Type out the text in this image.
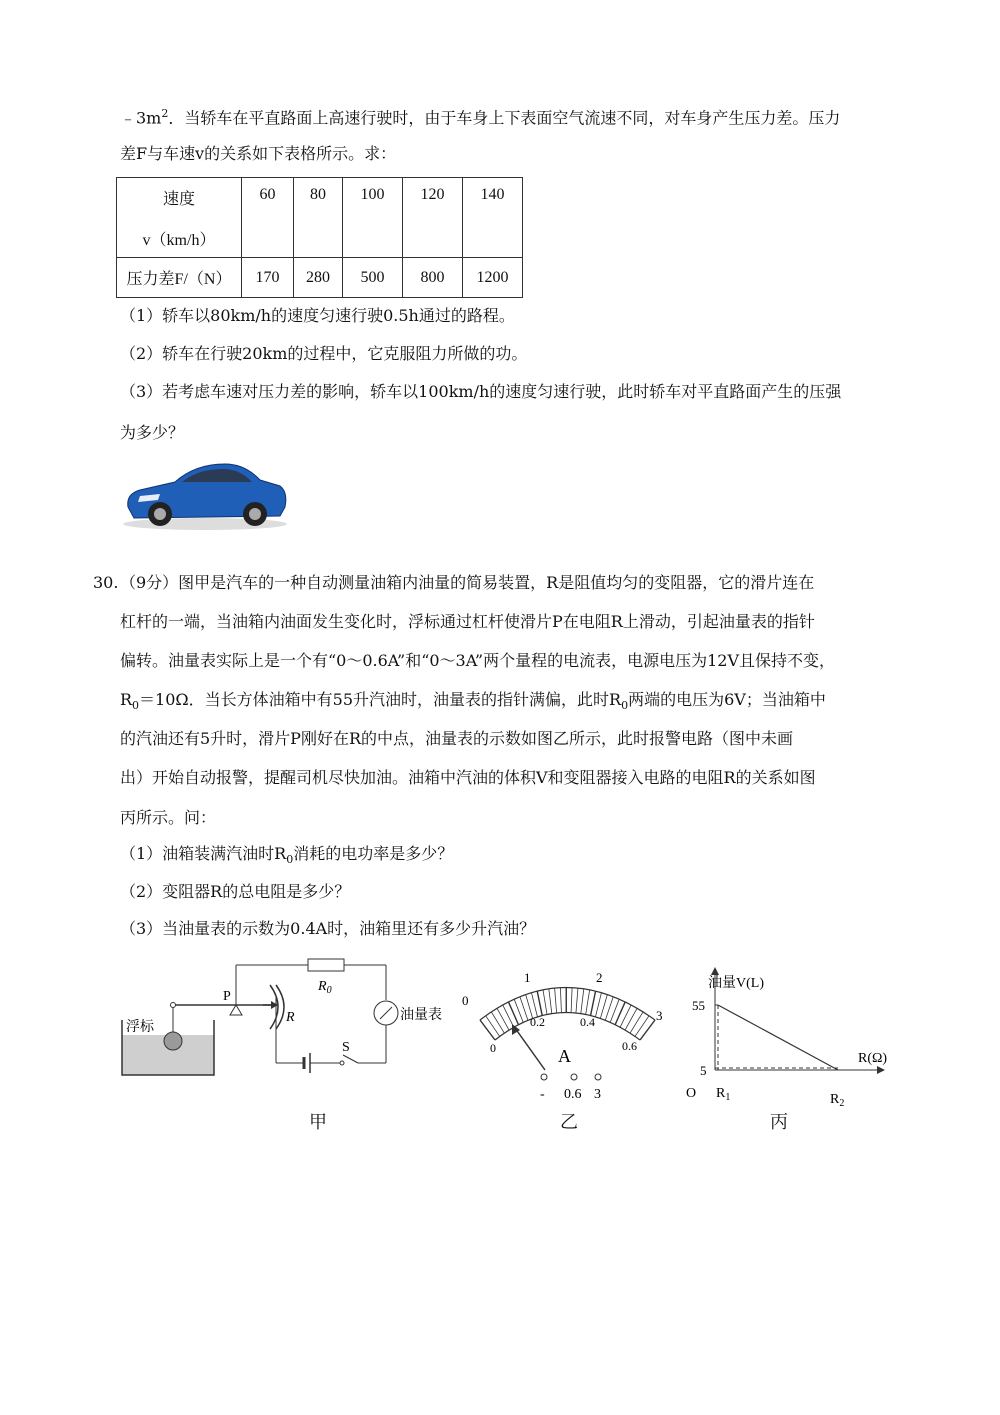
$﹣3m^2$．当轿车在平直路面上高速行驶时，由于车身上下表面空气流速不同，对车身产生压力差。压力
差F与车速v的关系如下表格所示。求：
速度
v（km/h）	60	80	100	120	140
压力差F/（N）	170	280	500	800	1200
（1）轿车以80km/h的速度匀速行驶0.5h通过的路程。
（2）轿车在行驶20km的过程中，它克服阻力所做的功。
（3）若考虑车速对压力差的影响，轿车以100km/h的速度匀速行驶，此时轿车对平直路面产生的压强
为多少？
30. （9分）图甲是汽车的一种自动测量油箱内油量的简易装置，R是阻值均匀的变阻器，它的滑片连在
杠杆的一端，当油箱内油面发生变化时，浮标通过杠杆使滑片P在电阻R上滑动，引起油量表的指针
偏转。油量表实际上是一个有“0～0.6A”和“0～3A”两个量程的电流表，电源电压为12V且保持不变，
$R_0=10\Omega$．当长方体油箱中有55升汽油时，油量表的指针满偏，此时$R_0$两端的电压为6V；当油箱中
的汽油还有5升时，滑片P刚好在R的中点，油量表的示数如图乙所示，此时报警电路（图中未画
出）开始自动报警，提醒司机尽快加油。油箱中汽油的体积V和变阻器接入电路的电阻R的关系如图
丙所示。问：
（1）油箱装满汽油时$R_0$消耗的电功率是多少？
（2）变阻器R的总电阻是多少？
（3）当油量表的示数为0.4A时，油箱里还有多少升汽油？
浮标
P
R
$R_0$
油量表
S
甲
0
1	2
3
0
0.2	0.4
0.6
A
- 0.6 3
乙
油量V(L)
R(Ω)
55
5
O $R_1$	$R_2$
丙
